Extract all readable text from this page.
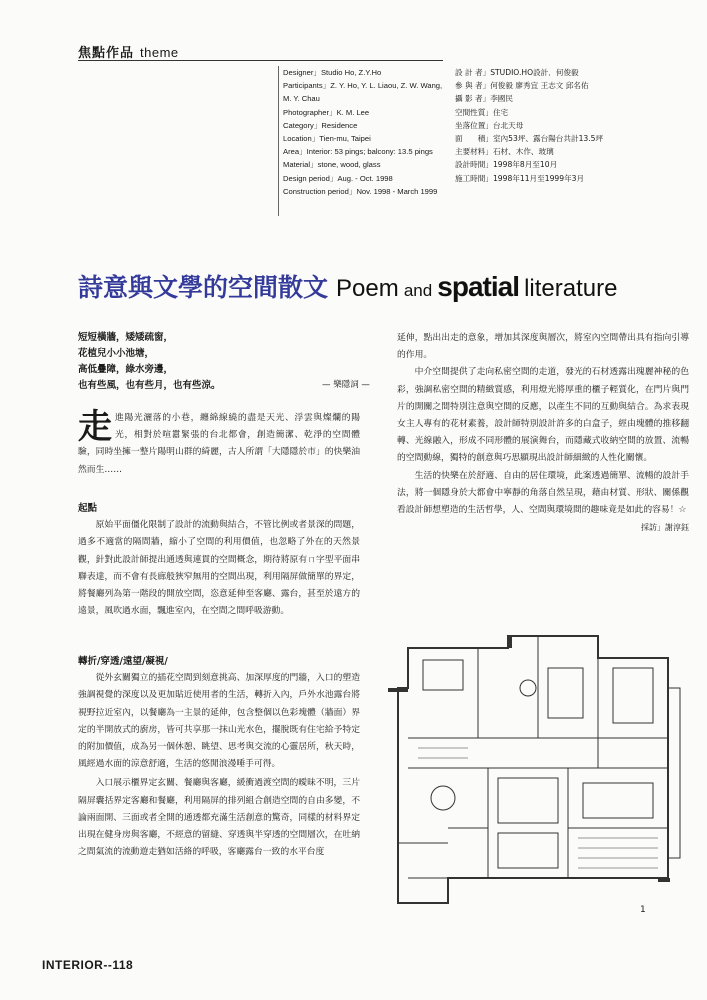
焦點作品 theme
Designer」Studio Ho, Z.Y.Ho
Participants」Z. Y. Ho, Y. L. Liaou, Z. W. Wang,
M. Y. Chau
Photographer」K. M. Lee
Category」Residence
Location」Tien-mu, Taipei
Area」Interior: 53 pings; balcony: 13.5 pings
Material」stone, wood, glass
Design period」Aug. - Oct. 1998
Construction period」Nov. 1998 - March 1999
設 計 者」STUDIO.HO設計．何俊毅
參 與 者」何俊毅 廖秀宜 王志文 邱名佑
攝 影 者」李國民
空間性質」住宅
坐落位置」台北天母
面　　積」室內53坪、露台陽台共計13.5坪
主要材料」石材、木作、玻璃
設計時間」1998年8月至10月
施工時間」1998年11月至1999年3月
詩意與文學的空間散文 Poem and spatial literature
短短橫牆，矮矮疏窗，
花植兒小小池塘，
高低疊障，綠水旁邊，
也有些風，也有些月，也有些涼。	— 樂隱詞 —
走進陽光灑落的小巷，纏綿線繞的盡是天光、浮雲與燦爛的陽光，相對於喧囂緊張的台北都會，創造簡潔、乾淨的空間體驗，同時坐擁一整片陽明山群的綺麗，古人所謂「大隱隱於市」的快樂油然而生……
起點
原始平面僵化限制了設計的流動與結合，不管比例或者景深的問題，過多不適當的隔間牆，縮小了空間的利用價值，也忽略了外在的天然景觀，針對此設計師提出通透與連貫的空間概念，期待將原有ㄇ字型平面串聯表達，而不會有長廊般狹窄無用的空間出現，利用隔屏做簡單的界定，將餐廳列為第一階段的開放空間，恣意延伸至客廳、露台，甚至於遠方的遠景，風吹過水面，飄進室內，在空間之間呼吸游動。
轉折/穿透/遠望/凝視/
從外玄關獨立的插花空間到刻意挑高、加深厚度的門牆，入口的塑造強調視覺的深度以及更加貼近使用者的生活，轉折入內，戶外水池露台將視野拉近室內，以餐廳為一主景的延伸，包含整個以色彩塊體（牆面）界定的半開放式的廚房，皆可共享那一抹山光水色，擺脫既有住宅給予特定的附加價值，成為另一個休憩、眺望、思考與交流的心靈居所，秋天時，風經過水面的涼意舒適，生活的悠閒浪漫唾手可得。
入口展示櫃界定玄關、餐廳與客廳，緩衝過渡空間的曖昧不明，三片隔屏囊括界定客廳和餐廳，利用隔屏的排列組合創造空間的自由多變，不論兩面開、三面或者全開的通透都充滿生活創意的驚奇，同樣的材料界定出現在健身房與客廳，不經意的留縫、穿透與半穿透的空間層次，在吐納之間氣流的流動遊走猶如活絡的呼吸，客廳露台一致的水平台度
延伸，點出出走的意象，增加其深度與層次，將室內空間帶出具有指向引導的作用。
中介空間提供了走向私密空間的走道，發光的石材透露出瑰麗神秘的色彩，強調私密空間的精緻質感，利用燈光將厚重的櫃子輕質化，在門片與門片的開關之間特別注意與空間的反應，以產生不同的互動與結合。為求表現女主人專有的花材素養，設計師特別設計許多的白盒子，經由塊體的推移翻轉、光線融入，形成不同形體的展演舞台，而隱藏式收納空間的放置、流暢的空間動線，獨特的創意與巧思顯現出設計師細緻的人性化關懷。
生活的快樂在於舒適、自由的居住環境，此案透過簡單、流暢的設計手法，將一個隱身於大都會中寧靜的角落自然呈現，藉由材質、形狀、關係觀看設計師想塑造的生活哲學，人、空間與環境間的趣味竟是如此的容易！☆
採訪」謝淳鈺
1
INTERIOR--118
